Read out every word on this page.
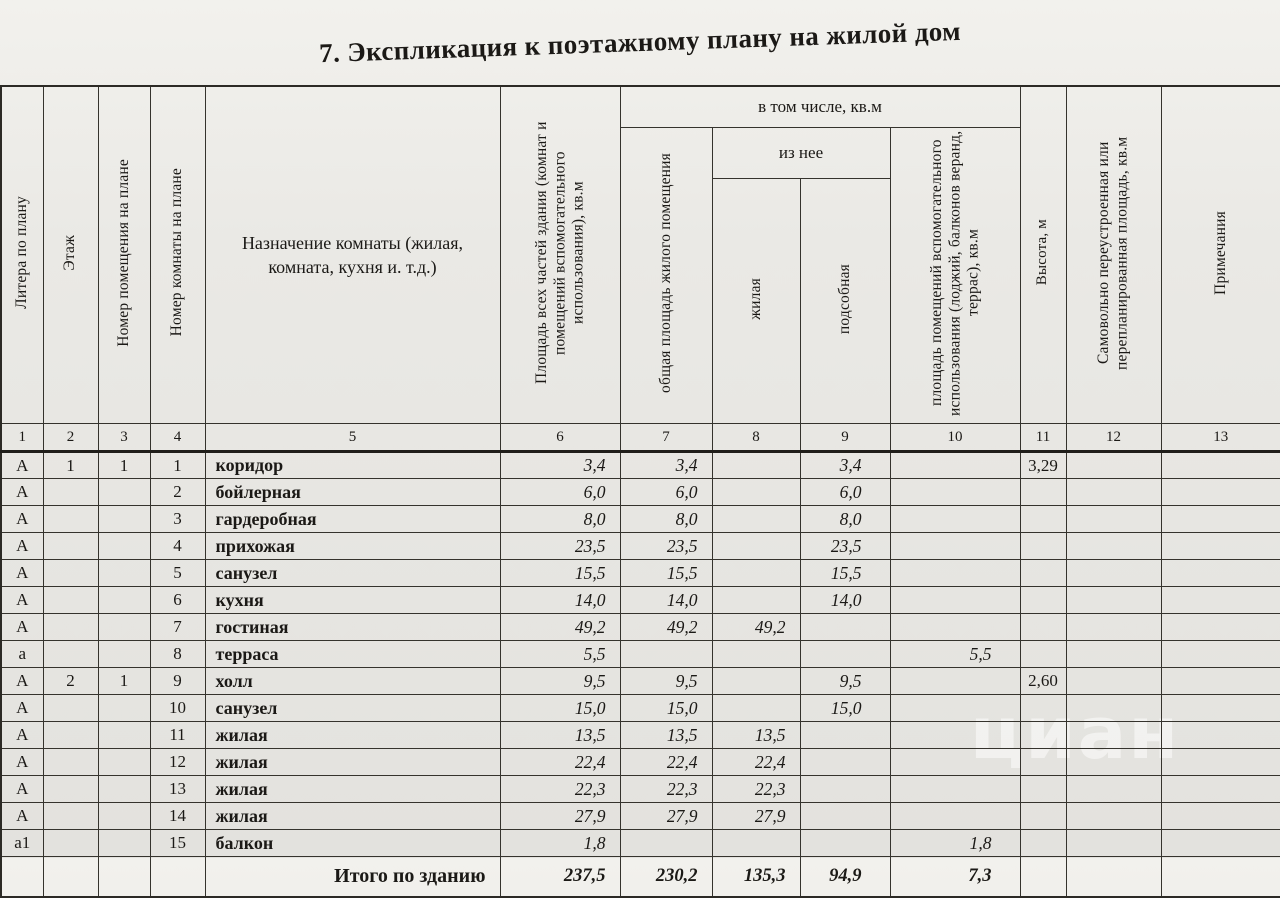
7. Экспликация к поэтажному плану на жилой дом
циан
Литера по плану	Этаж	Номер помещения на плане	Номер комнаты на плане	Назначение комнаты (жилая, комната, кухня и. т.д.)	Площадь всех частей здания (комнат и помещений вспомогательного использования), кв.м	в том числе, кв.м				Высота, м	Самовольно переустроенная или перепланированная площадь, кв.м	Примечания
						общая площадь жилого помещения	из нее		площадь помещений вспомогательного использования (лоджий, балконов веранд, террас), кв.м			
							жилая	подсобная				
1	2	3	4	5	6	7	8	9	10	11	12	13
А	1	1	1	коридор	3,4	3,4		3,4		3,29		
А			2	бойлерная	6,0	6,0		6,0				
А			3	гардеробная	8,0	8,0		8,0				
А			4	прихожая	23,5	23,5		23,5				
А			5	санузел	15,5	15,5		15,5				
А			6	кухня	14,0	14,0		14,0				
А			7	гостиная	49,2	49,2	49,2					
а			8	терраса	5,5				5,5			
А	2	1	9	холл	9,5	9,5		9,5		2,60		
А			10	санузел	15,0	15,0		15,0				
А			11	жилая	13,5	13,5	13,5					
А			12	жилая	22,4	22,4	22,4					
А			13	жилая	22,3	22,3	22,3					
А			14	жилая	27,9	27,9	27,9					
а1			15	балкон	1,8				1,8			
				Итого по зданию	237,5	230,2	135,3	94,9	7,3			
